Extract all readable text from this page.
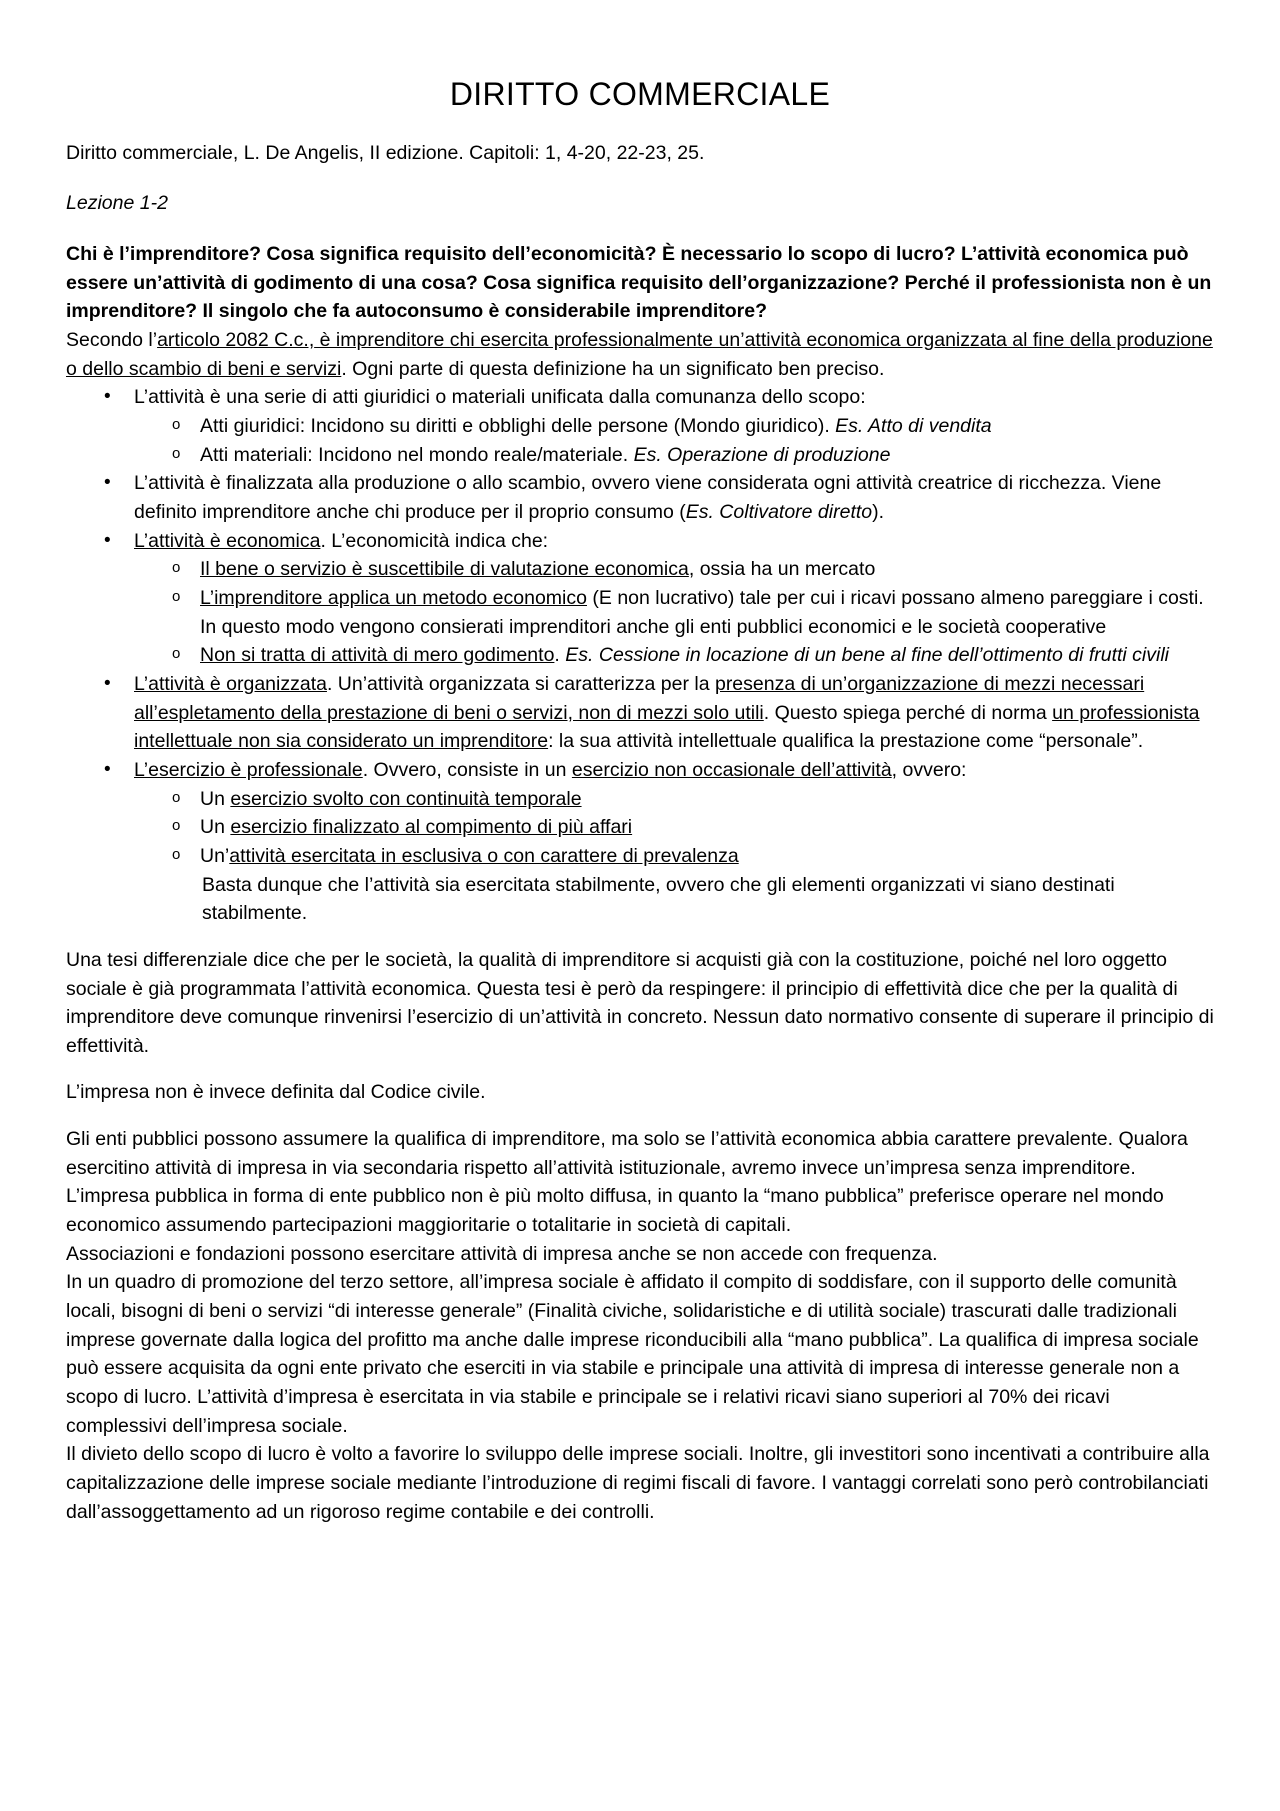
DIRITTO COMMERCIALE

Diritto commerciale, L. De Angelis, II edizione. Capitoli: 1, 4-20, 22-23, 25.

Lezione 1-2

Chi è l’imprenditore? Cosa significa requisito dell’economicità? È necessario lo scopo di lucro? L’attività economica può essere un’attività di godimento di una cosa? Cosa significa requisito dell’organizzazione? Perché il professionista non è un imprenditore? Il singolo che fa autoconsumo è considerabile imprenditore?

Secondo l’articolo 2082 C.c., è imprenditore chi esercita professionalmente un’attività economica organizzata al fine della produzione o dello scambio di beni e servizi. Ogni parte di questa definizione ha un significato ben preciso.

• L’attività è una serie di atti giuridici o materiali unificata dalla comunanza dello scopo:
o Atti giuridici: Incidono su diritti e obblighi delle persone (Mondo giuridico). Es. Atto di vendita
o Atti materiali: Incidono nel mondo reale/materiale. Es. Operazione di produzione
• L’attività è finalizzata alla produzione o allo scambio, ovvero viene considerata ogni attività creatrice di ricchezza. Viene definito imprenditore anche chi produce per il proprio consumo (Es. Coltivatore diretto).
• L’attività è economica. L’economicità indica che:
o Il bene o servizio è suscettibile di valutazione economica, ossia ha un mercato
o L’imprenditore applica un metodo economico (E non lucrativo) tale per cui i ricavi possano almeno pareggiare i costi. In questo modo vengono consierati imprenditori anche gli enti pubblici economici e le società cooperative
o Non si tratta di attività di mero godimento. Es. Cessione in locazione di un bene al fine dell’ottimento di frutti civili
• L’attività è organizzata. Un’attività organizzata si caratterizza per la presenza di un’organizzazione di mezzi necessari all’espletamento della prestazione di beni o servizi, non di mezzi solo utili. Questo spiega perché di norma un professionista intellettuale non sia considerato un imprenditore: la sua attività intellettuale qualifica la prestazione come “personale”.
• L’esercizio è professionale. Ovvero, consiste in un esercizio non occasionale dell’attività, ovvero:
o Un esercizio svolto con continuità temporale
o Un esercizio finalizzato al compimento di più affari
o Un’attività esercitata in esclusiva o con carattere di prevalenza
Basta dunque che l’attività sia esercitata stabilmente, ovvero che gli elementi organizzati vi siano destinati stabilmente.

Una tesi differenziale dice che per le società, la qualità di imprenditore si acquisti già con la costituzione, poiché nel loro oggetto sociale è già programmata l’attività economica. Questa tesi è però da respingere: il principio di effettività dice che per la qualità di imprenditore deve comunque rinvenirsi l’esercizio di un’attività in concreto. Nessun dato normativo consente di superare il principio di effettività.

L’impresa non è invece definita dal Codice civile.

Gli enti pubblici possono assumere la qualifica di imprenditore, ma solo se l’attività economica abbia carattere prevalente. Qualora esercitino attività di impresa in via secondaria rispetto all’attività istituzionale, avremo invece un’impresa senza imprenditore.

L’impresa pubblica in forma di ente pubblico non è più molto diffusa, in quanto la “mano pubblica” preferisce operare nel mondo economico assumendo partecipazioni maggioritarie o totalitarie in società di capitali.

Associazioni e fondazioni possono esercitare attività di impresa anche se non accede con frequenza.

In un quadro di promozione del terzo settore, all’impresa sociale è affidato il compito di soddisfare, con il supporto delle comunità locali, bisogni di beni o servizi “di interesse generale” (Finalità civiche, solidaristiche e di utilità sociale) trascurati dalle tradizionali imprese governate dalla logica del profitto ma anche dalle imprese riconducibili alla “mano pubblica”. La qualifica di impresa sociale può essere acquisita da ogni ente privato che eserciti in via stabile e principale una attività di impresa di interesse generale non a scopo di lucro. L’attività d’impresa è esercitata in via stabile e principale se i relativi ricavi siano superiori al 70% dei ricavi complessivi dell’impresa sociale.

Il divieto dello scopo di lucro è volto a favorire lo sviluppo delle imprese sociali. Inoltre, gli investitori sono incentivati a contribuire alla capitalizzazione delle imprese sociale mediante l’introduzione di regimi fiscali di favore. I vantaggi correlati sono però controbilanciati dall’assoggettamento ad un rigoroso regime contabile e dei controlli.
